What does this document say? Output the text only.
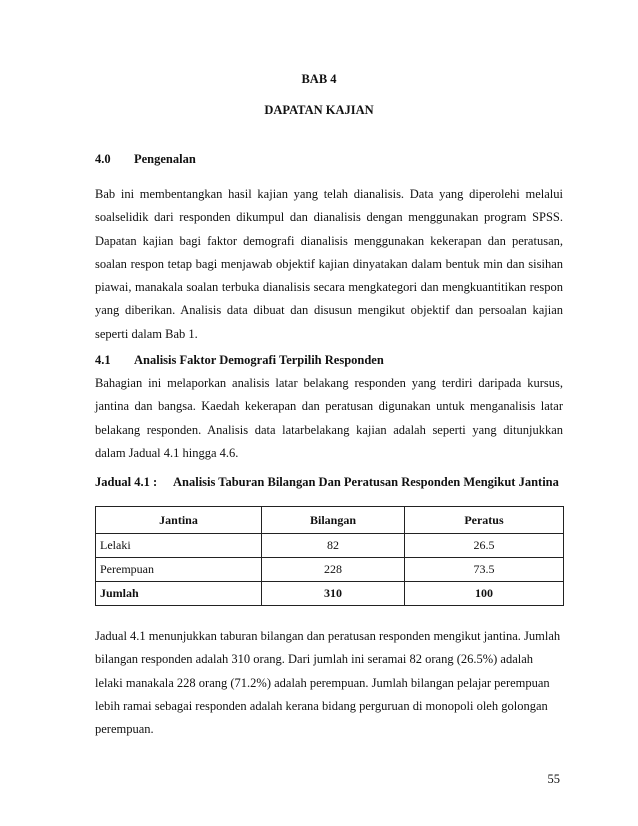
BAB 4
DAPATAN KAJIAN
4.0 Pengenalan

Bab ini membentangkan hasil kajian yang telah dianalisis. Data yang diperolehi melalui soalselidik dari responden dikumpul dan dianalisis dengan menggunakan program SPSS. Dapatan kajian bagi faktor demografi dianalisis menggunakan kekerapan dan peratusan, soalan respon tetap bagi menjawab objektif kajian dinyatakan dalam bentuk min dan sisihan piawai, manakala soalan terbuka dianalisis secara mengkategori dan mengkuantitikan respon yang diberikan. Analisis data dibuat dan disusun mengikut objektif dan persoalan kajian seperti dalam Bab 1.

4.1 Analisis Faktor Demografi Terpilih Responden

Bahagian ini melaporkan analisis latar belakang responden yang terdiri daripada kursus, jantina dan bangsa. Kaedah kekerapan dan peratusan digunakan untuk menganalisis latar belakang responden. Analisis data latarbelakang kajian adalah seperti yang ditunjukkan dalam Jadual 4.1 hingga 4.6.

Jadual 4.1 : Analisis Taburan Bilangan Dan Peratusan Responden Mengikut Jantina
Jantina	Bilangan	Peratus
Lelaki	82	26.5
Perempuan	228	73.5
Jumlah	310	100

Jadual 4.1 menunjukkan taburan bilangan dan peratusan responden mengikut jantina. Jumlah bilangan responden adalah 310 orang. Dari jumlah ini seramai 82 orang (26.5%) adalah lelaki manakala 228 orang (71.2%) adalah perempuan. Jumlah bilangan pelajar perempuan lebih ramai sebagai responden adalah kerana bidang perguruan di monopoli oleh golongan perempuan.

55
